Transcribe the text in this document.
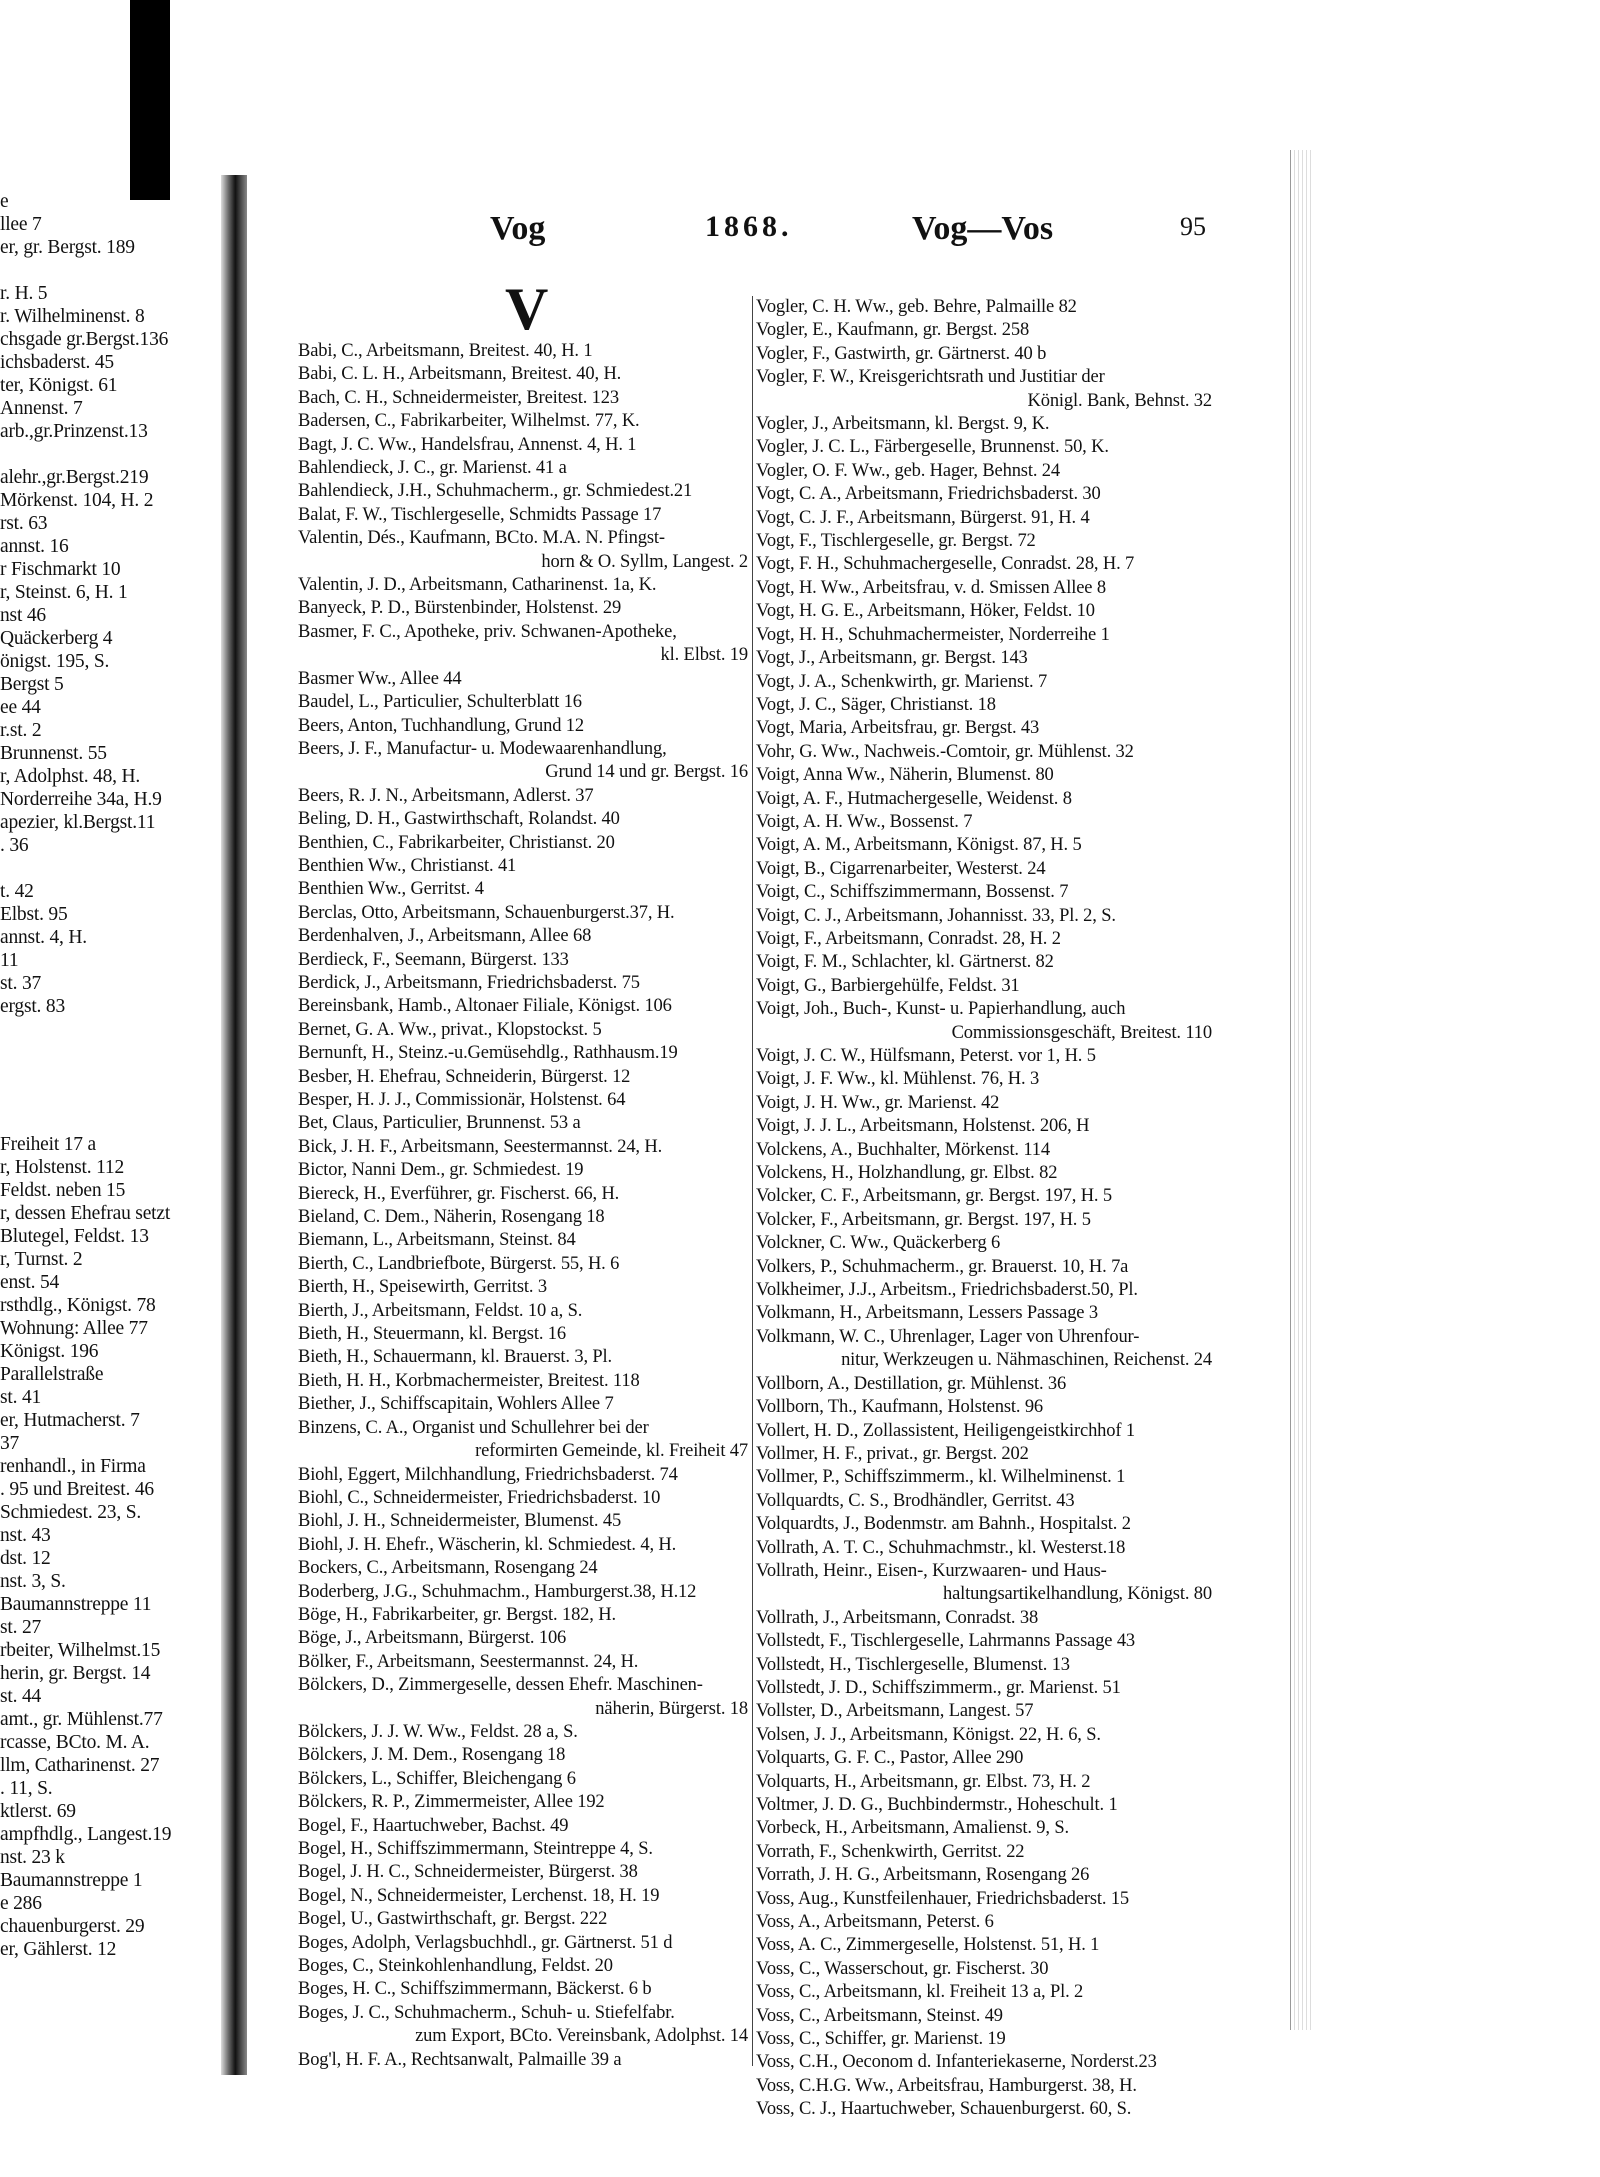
e
llee 7
er, gr. Bergst. 189

r. H. 5
r. Wilhelminenst. 8
chsgade gr.Bergst.136
ichsbaderst. 45
ter, Königst. 61
Annenst. 7
arb.,gr.Prinzenst.13

alehr.,gr.Bergst.219
Mörkenst. 104, H. 2
rst. 63
annst. 16
r Fischmarkt 10
r, Steinst. 6, H. 1
nst 46
Quäckerberg 4
önigst. 195, S.
Bergst 5
ee 44
r.st. 2
Brunnenst. 55
r, Adolphst. 48, H.
Norderreihe 34a, H.9
apezier, kl.Bergst.11
. 36

t. 42
Elbst. 95
annst. 4, H.
11
st. 37
ergst. 83

Freiheit 17 a
r, Holstenst. 112
Feldst. neben 15
r, dessen Ehefrau setzt
Blutegel, Feldst. 13
r, Turnst. 2
enst. 54
rsthdlg., Königst. 78
Wohnung: Allee 77
Königst. 196
Parallelstraße
st. 41
er, Hutmacherst. 7
37
renhandl., in Firma
. 95 und Breitest. 46
Schmiedest. 23, S.
nst. 43
dst. 12
nst. 3, S.
Baumannstreppe 11
st. 27
rbeiter, Wilhelmst.15
herin, gr. Bergst. 14
st. 44
amt., gr. Mühlenst.77
rcasse, BCto. M. A.
llm, Catharinenst. 27
. 11, S.
ktlerst. 69
ampfhdlg., Langest.19
nst. 23 k
Baumannstreppe 1
e 286
chauenburgerst. 29
er, Gählerst. 12
Vog	1868.	Vog—Vos	95
V
Babi, C., Arbeitsmann, Breitest. 40, H. 1
Babi, C. L. H., Arbeitsmann, Breitest. 40, H.
Bach, C. H., Schneidermeister, Breitest. 123
Badersen, C., Fabrikarbeiter, Wilhelmst. 77, K.
Bagt, J. C. Ww., Handelsfrau, Annenst. 4, H. 1
Bahlendieck, J. C., gr. Marienst. 41 a
Bahlendieck, J.H., Schuhmacherm., gr. Schmiedest.21
Balat, F. W., Tischlergeselle, Schmidts Passage 17
Valentin, Dés., Kaufmann, BCto. M.A. N. Pfingst-
horn & O. Syllm, Langest. 2
Valentin, J. D., Arbeitsmann, Catharinenst. 1a, K.
Banyeck, P. D., Bürstenbinder, Holstenst. 29
Basmer, F. C., Apotheke, priv. Schwanen-Apotheke,
kl. Elbst. 19
Basmer Ww., Allee 44
Baudel, L., Particulier, Schulterblatt 16
Beers, Anton, Tuchhandlung, Grund 12
Beers, J. F., Manufactur- u. Modewaarenhandlung,
Grund 14 und gr. Bergst. 16
Beers, R. J. N., Arbeitsmann, Adlerst. 37
Beling, D. H., Gastwirthschaft, Rolandst. 40
Benthien, C., Fabrikarbeiter, Christianst. 20
Benthien Ww., Christianst. 41
Benthien Ww., Gerritst. 4
Berclas, Otto, Arbeitsmann, Schauenburgerst.37, H.
Berdenhalven, J., Arbeitsmann, Allee 68
Berdieck, F., Seemann, Bürgerst. 133
Berdick, J., Arbeitsmann, Friedrichsbaderst. 75
Bereinsbank, Hamb., Altonaer Filiale, Königst. 106
Bernet, G. A. Ww., privat., Klopstockst. 5
Bernunft, H., Steinz.-u.Gemüsehdlg., Rathhausm.19
Besber, H. Ehefrau, Schneiderin, Bürgerst. 12
Besper, H. J. J., Commissionär, Holstenst. 64
Bet, Claus, Particulier, Brunnenst. 53 a
Bick, J. H. F., Arbeitsmann, Seestermannst. 24, H.
Bictor, Nanni Dem., gr. Schmiedest. 19
Biereck, H., Everführer, gr. Fischerst. 66, H.
Bieland, C. Dem., Näherin, Rosengang 18
Biemann, L., Arbeitsmann, Steinst. 84
Bierth, C., Landbriefbote, Bürgerst. 55, H. 6
Bierth, H., Speisewirth, Gerritst. 3
Bierth, J., Arbeitsmann, Feldst. 10 a, S.
Bieth, H., Steuermann, kl. Bergst. 16
Bieth, H., Schauermann, kl. Brauerst. 3, Pl.
Bieth, H. H., Korbmachermeister, Breitest. 118
Biether, J., Schiffscapitain, Wohlers Allee 7
Binzens, C. A., Organist und Schullehrer bei der
reformirten Gemeinde, kl. Freiheit 47
Biohl, Eggert, Milchhandlung, Friedrichsbaderst. 74
Biohl, C., Schneidermeister, Friedrichsbaderst. 10
Biohl, J. H., Schneidermeister, Blumenst. 45
Biohl, J. H. Ehefr., Wäscherin, kl. Schmiedest. 4, H.
Bockers, C., Arbeitsmann, Rosengang 24
Boderberg, J.G., Schuhmachm., Hamburgerst.38, H.12
Böge, H., Fabrikarbeiter, gr. Bergst. 182, H.
Böge, J., Arbeitsmann, Bürgerst. 106
Bölker, F., Arbeitsmann, Seestermannst. 24, H.
Bölckers, D., Zimmergeselle, dessen Ehefr. Maschinen-
näherin, Bürgerst. 18
Bölckers, J. J. W. Ww., Feldst. 28 a, S.
Bölckers, J. M. Dem., Rosengang 18
Bölckers, L., Schiffer, Bleichengang 6
Bölckers, R. P., Zimmermeister, Allee 192
Bogel, F., Haartuchweber, Bachst. 49
Bogel, H., Schiffszimmermann, Steintreppe 4, S.
Bogel, J. H. C., Schneidermeister, Bürgerst. 38
Bogel, N., Schneidermeister, Lerchenst. 18, H. 19
Bogel, U., Gastwirthschaft, gr. Bergst. 222
Boges, Adolph, Verlagsbuchhdl., gr. Gärtnerst. 51 d
Boges, C., Steinkohlenhandlung, Feldst. 20
Boges, H. C., Schiffszimmermann, Bäckerst. 6 b
Boges, J. C., Schuhmacherm., Schuh- u. Stiefelfabr.
zum Export, BCto. Vereinsbank, Adolphst. 14
Bog'l, H. F. A., Rechtsanwalt, Palmaille 39 a
Vogler, C. H. Ww., geb. Behre, Palmaille 82
Vogler, E., Kaufmann, gr. Bergst. 258
Vogler, F., Gastwirth, gr. Gärtnerst. 40 b
Vogler, F. W., Kreisgerichtsrath und Justitiar der
Königl. Bank, Behnst. 32
Vogler, J., Arbeitsmann, kl. Bergst. 9, K.
Vogler, J. C. L., Färbergeselle, Brunnenst. 50, K.
Vogler, O. F. Ww., geb. Hager, Behnst. 24
Vogt, C. A., Arbeitsmann, Friedrichsbaderst. 30
Vogt, C. J. F., Arbeitsmann, Bürgerst. 91, H. 4
Vogt, F., Tischlergeselle, gr. Bergst. 72
Vogt, F. H., Schuhmachergeselle, Conradst. 28, H. 7
Vogt, H. Ww., Arbeitsfrau, v. d. Smissen Allee 8
Vogt, H. G. E., Arbeitsmann, Höker, Feldst. 10
Vogt, H. H., Schuhmachermeister, Norderreihe 1
Vogt, J., Arbeitsmann, gr. Bergst. 143
Vogt, J. A., Schenkwirth, gr. Marienst. 7
Vogt, J. C., Säger, Christianst. 18
Vogt, Maria, Arbeitsfrau, gr. Bergst. 43
Vohr, G. Ww., Nachweis.-Comtoir, gr. Mühlenst. 32
Voigt, Anna Ww., Näherin, Blumenst. 80
Voigt, A. F., Hutmachergeselle, Weidenst. 8
Voigt, A. H. Ww., Bossenst. 7
Voigt, A. M., Arbeitsmann, Königst. 87, H. 5
Voigt, B., Cigarrenarbeiter, Westerst. 24
Voigt, C., Schiffszimmermann, Bossenst. 7
Voigt, C. J., Arbeitsmann, Johannisst. 33, Pl. 2, S.
Voigt, F., Arbeitsmann, Conradst. 28, H. 2
Voigt, F. M., Schlachter, kl. Gärtnerst. 82
Voigt, G., Barbiergehülfe, Feldst. 31
Voigt, Joh., Buch-, Kunst- u. Papierhandlung, auch
Commissionsgeschäft, Breitest. 110
Voigt, J. C. W., Hülfsmann, Peterst. vor 1, H. 5
Voigt, J. F. Ww., kl. Mühlenst. 76, H. 3
Voigt, J. H. Ww., gr. Marienst. 42
Voigt, J. J. L., Arbeitsmann, Holstenst. 206, H
Volckens, A., Buchhalter, Mörkenst. 114
Volckens, H., Holzhandlung, gr. Elbst. 82
Volcker, C. F., Arbeitsmann, gr. Bergst. 197, H. 5
Volcker, F., Arbeitsmann, gr. Bergst. 197, H. 5
Volckner, C. Ww., Quäckerberg 6
Volkers, P., Schuhmacherm., gr. Brauerst. 10, H. 7a
Volkheimer, J.J., Arbeitsm., Friedrichsbaderst.50, Pl.
Volkmann, H., Arbeitsmann, Lessers Passage 3
Volkmann, W. C., Uhrenlager, Lager von Uhrenfour-
nitur, Werkzeugen u. Nähmaschinen, Reichenst. 24
Vollborn, A., Destillation, gr. Mühlenst. 36
Vollborn, Th., Kaufmann, Holstenst. 96
Vollert, H. D., Zollassistent, Heiligengeistkirchhof 1
Vollmer, H. F., privat., gr. Bergst. 202
Vollmer, P., Schiffszimmerm., kl. Wilhelminenst. 1
Vollquardts, C. S., Brodhändler, Gerritst. 43
Volquardts, J., Bodenmstr. am Bahnh., Hospitalst. 2
Vollrath, A. T. C., Schuhmachmstr., kl. Westerst.18
Vollrath, Heinr., Eisen-, Kurzwaaren- und Haus-
haltungsartikelhandlung, Königst. 80
Vollrath, J., Arbeitsmann, Conradst. 38
Vollstedt, F., Tischlergeselle, Lahrmanns Passage 43
Vollstedt, H., Tischlergeselle, Blumenst. 13
Vollstedt, J. D., Schiffszimmerm., gr. Marienst. 51
Vollster, D., Arbeitsmann, Langest. 57
Volsen, J. J., Arbeitsmann, Königst. 22, H. 6, S.
Volquarts, G. F. C., Pastor, Allee 290
Volquarts, H., Arbeitsmann, gr. Elbst. 73, H. 2
Voltmer, J. D. G., Buchbindermstr., Hoheschult. 1
Vorbeck, H., Arbeitsmann, Amalienst. 9, S.
Vorrath, F., Schenkwirth, Gerritst. 22
Vorrath, J. H. G., Arbeitsmann, Rosengang 26
Voss, Aug., Kunstfeilenhauer, Friedrichsbaderst. 15
Voss, A., Arbeitsmann, Peterst. 6
Voss, A. C., Zimmergeselle, Holstenst. 51, H. 1
Voss, C., Wasserschout, gr. Fischerst. 30
Voss, C., Arbeitsmann, kl. Freiheit 13 a, Pl. 2
Voss, C., Arbeitsmann, Steinst. 49
Voss, C., Schiffer, gr. Marienst. 19
Voss, C.H., Oeconom d. Infanteriekaserne, Norderst.23
Voss, C.H.G. Ww., Arbeitsfrau, Hamburgerst. 38, H.
Voss, C. J., Haartuchweber, Schauenburgerst. 60, S.
